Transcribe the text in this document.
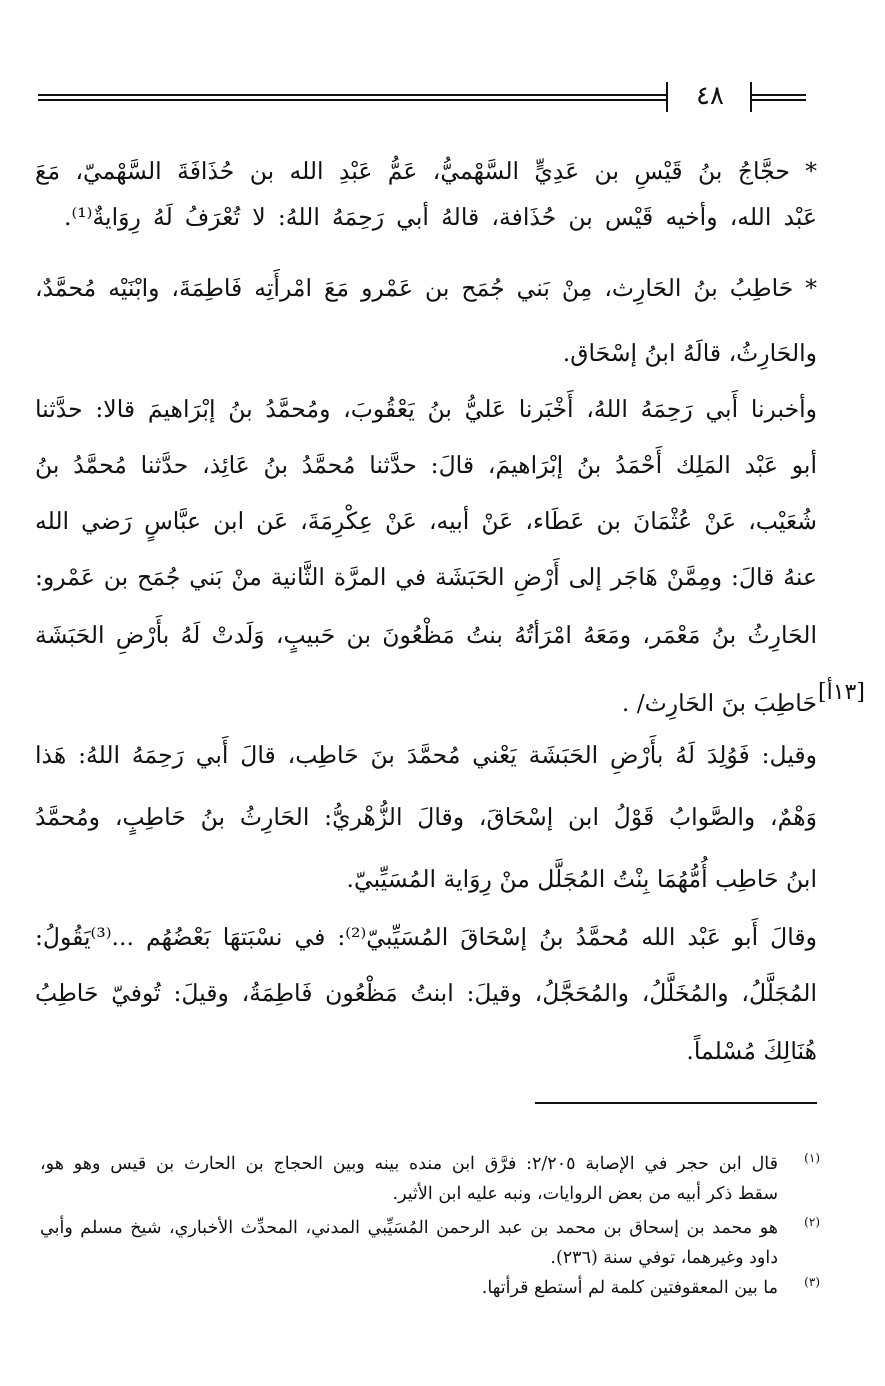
٤٨
* حجَّاجُ بنُ قَيْسِ بن عَدِيٍّ السَّهْميُّ، عَمُّ عَبْدِ الله بن حُذَافَةَ السَّهْميّ، مَعَ
عَبْد الله، وأخيه قَيْس بن حُذَافة، قالهُ أبي رَحِمَهُ اللهُ: لا تُعْرَفُ لَهُ رِوَايةٌ⁽¹⁾.
* حَاطِبُ بنُ الحَارِث، مِنْ بَني جُمَح بن عَمْرو مَعَ امْرأَتِه فَاطِمَةَ، وابْنَيْه مُحمَّدٌ،
والحَارِثُ، قالَهُ ابنُ إسْحَاق.
وأخبرنا أَبي رَحِمَهُ اللهُ، أَخْبَرنا عَليُّ بنُ يَعْقُوبَ، ومُحمَّدُ بنُ إبْرَاهيمَ قالا: حدَّثنا
أبو عَبْد المَلِك أَحْمَدُ بنُ إبْرَاهيمَ، قالَ: حدَّثنا مُحمَّدُ بنُ عَائِذ، حدَّثنا مُحمَّدُ بنُ
شُعَيْب، عَنْ عُثْمَانَ بن عَطَاء، عَنْ أبيه، عَنْ عِكْرِمَةَ، عَن ابن عبَّاسٍ رَضي الله
عنهُ قالَ: ومِمَّنْ هَاجَر إلى أَرْضِ الحَبَشَة في المرَّة الثَّانية منْ بَني جُمَح بن عَمْرو:
الحَارِثُ بنُ مَعْمَر، ومَعَهُ امْرَأتُهُ بنتُ مَظْعُونَ بن حَبيبٍ، وَلَدتْ لَهُ بأَرْضِ الحَبَشَة
حَاطِبَ بنَ الحَارِث/ .
وقيل: فَوُلِدَ لَهُ بأَرْضِ الحَبَشَة يَعْني مُحمَّدَ بنَ حَاطِب، قالَ أَبي رَحِمَهُ اللهُ: هَذا
وَهْمٌ، والصَّوابُ قَوْلُ ابن إسْحَاقَ، وقالَ الزُّهْريُّ: الحَارِثُ بنُ حَاطِبٍ، ومُحمَّدُ
ابنُ حَاطِب أُمُّهُمَا بِنْتُ المُجَلَّل منْ رِوَاية المُسَيِّبيّ.
وقالَ أَبو عَبْد الله مُحمَّدُ بنُ إسْحَاقَ المُسَيِّبيّ⁽²⁾: في نسْبَتهَا بَعْضُهُم ...⁽³⁾يَقُولُ:
المُجَلَّلُ، والمُخَلَّلُ، والمُحَجَّلُ، وقيلَ: ابنتُ مَظْعُون فَاطِمَةُ، وقيلَ: تُوفيّ حَاطِبُ
هُنَالِكَ مُسْلماً.
[١٣أ]
(١)
قال ابن حجر في الإصابة ٢/٢٠٥: فرَّق ابن منده بينه وبين الحجاج بن الحارث بن قيس وهو هو،
سقط ذكر أبيه من بعض الروايات، ونبه عليه ابن الأثير.
(٢)
هو محمد بن إسحاق بن محمد بن عبد الرحمن المُسَيِّبي المدني، المحدِّث الأخباري، شيخ مسلم وأبي
داود وغيرهما، توفي سنة (٢٣٦).
(٣)
ما بين المعقوفتين كلمة لم أستطع قرأتها.
